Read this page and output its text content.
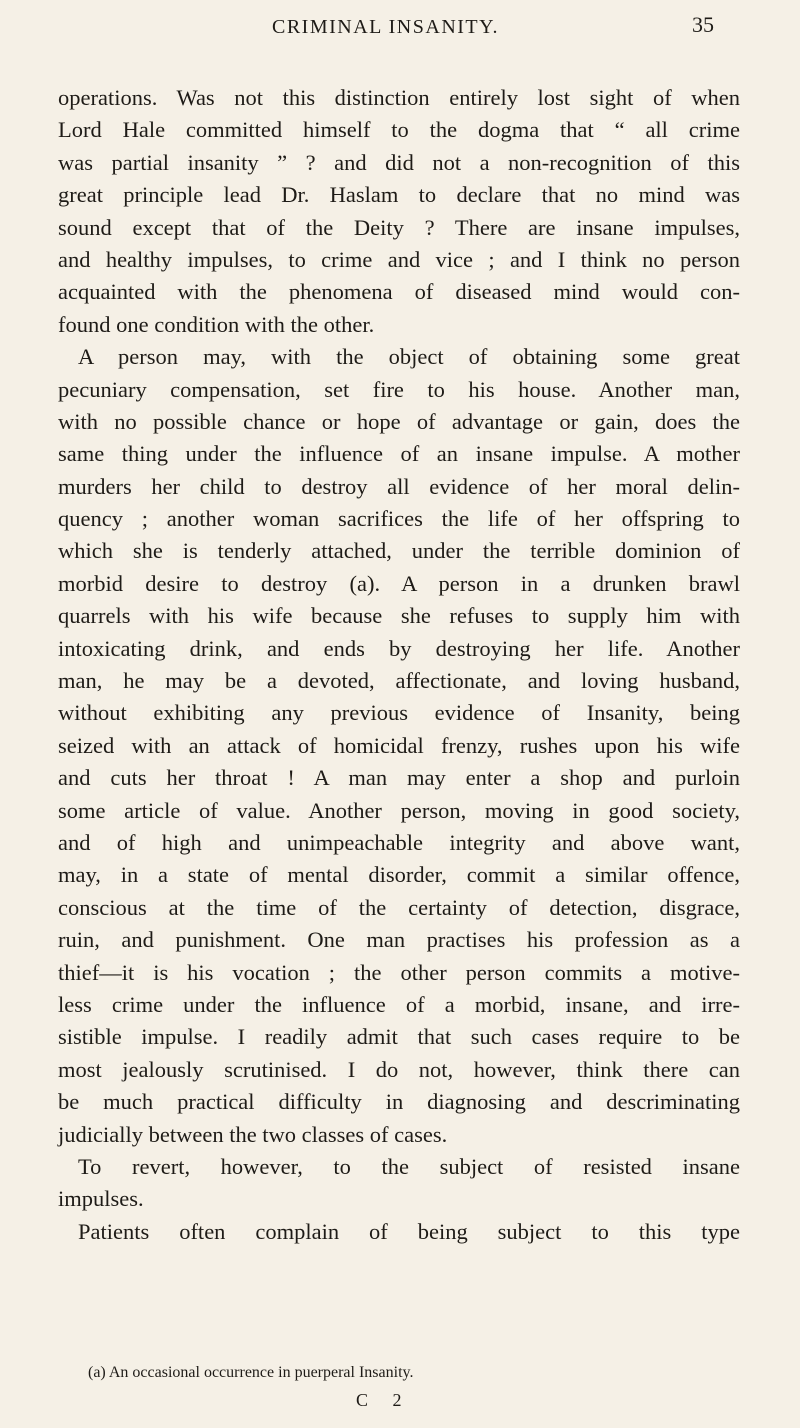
CRIMINAL INSANITY.	35
operations. Was not this distinction entirely lost sight of when
Lord Hale committed himself to the dogma that “ all crime
was partial insanity ” ? and did not a non-recognition of this
great principle lead Dr. Haslam to declare that no mind was
sound except that of the Deity ? There are insane impulses,
and healthy impulses, to crime and vice ; and I think no person
acquainted with the phenomena of diseased mind would con-
found one condition with the other.
A person may, with the object of obtaining some great
pecuniary compensation, set fire to his house. Another man,
with no possible chance or hope of advantage or gain, does the
same thing under the influence of an insane impulse. A mother
murders her child to destroy all evidence of her moral delin-
quency ; another woman sacrifices the life of her offspring to
which she is tenderly attached, under the terrible dominion of
morbid desire to destroy (a). A person in a drunken brawl
quarrels with his wife because she refuses to supply him with
intoxicating drink, and ends by destroying her life. Another
man, he may be a devoted, affectionate, and loving husband,
without exhibiting any previous evidence of Insanity, being
seized with an attack of homicidal frenzy, rushes upon his wife
and cuts her throat ! A man may enter a shop and purloin
some article of value. Another person, moving in good society,
and of high and unimpeachable integrity and above want,
may, in a state of mental disorder, commit a similar offence,
conscious at the time of the certainty of detection, disgrace,
ruin, and punishment. One man practises his profession as a
thief—it is his vocation ; the other person commits a motive-
less crime under the influence of a morbid, insane, and irre-
sistible impulse. I readily admit that such cases require to be
most jealously scrutinised. I do not, however, think there can
be much practical difficulty in diagnosing and descriminating
judicially between the two classes of cases.
To revert, however, to the subject of resisted insane
impulses.
Patients often complain of being subject to this type
(a) An occasional occurrence in puerperal Insanity.
C 2
